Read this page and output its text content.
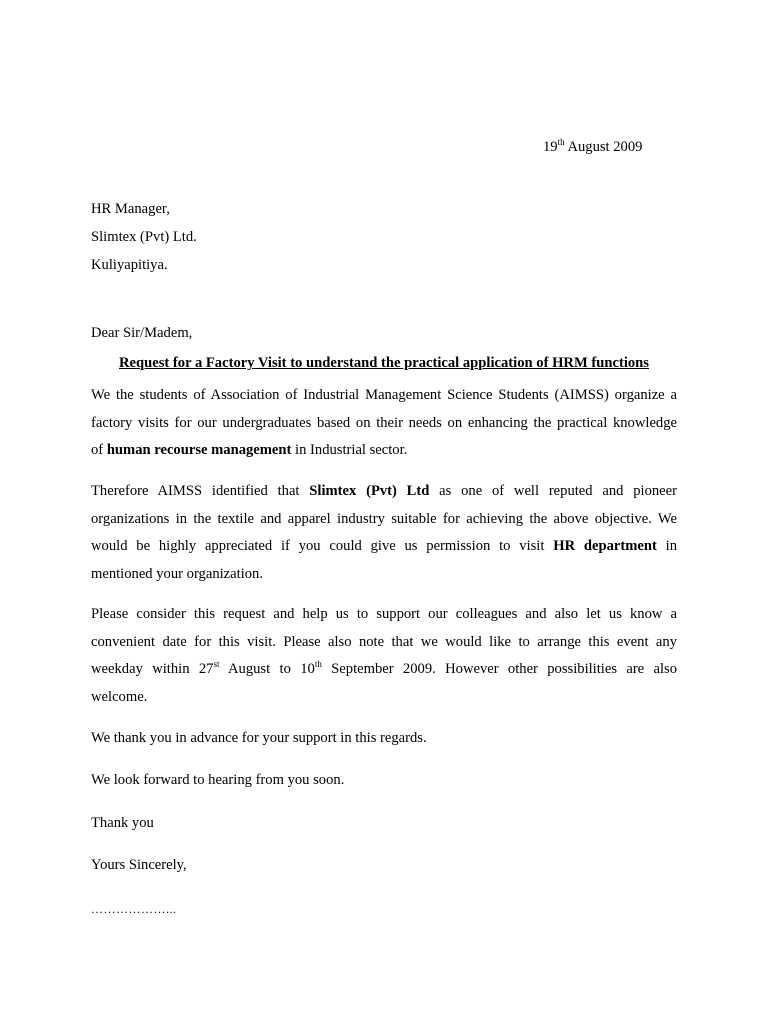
19th August 2009
HR Manager,
Slimtex (Pvt) Ltd.
Kuliyapitiya.
Dear Sir/Madem,
Request for a Factory Visit to understand the practical application of HRM functions
We the students of Association of Industrial Management Science Students (AIMSS) organize a
factory visits for our undergraduates based on their needs on enhancing the practical knowledge
of human recourse management in Industrial sector.
Therefore AIMSS identified that Slimtex (Pvt) Ltd as one of well reputed and pioneer
organizations in the textile and apparel industry suitable for achieving the above objective. We
would be highly appreciated if you could give us permission to visit HR department in
mentioned your organization.
Please consider this request and help us to support our colleagues and also let us know a
convenient date for this visit. Please also note that we would like to arrange this event any
weekday within 27st August to 10th September 2009. However other possibilities are also
welcome.
We thank you in advance for your support in this regards.
We look forward to hearing from you soon.
Thank you
Yours Sincerely,
………………...
